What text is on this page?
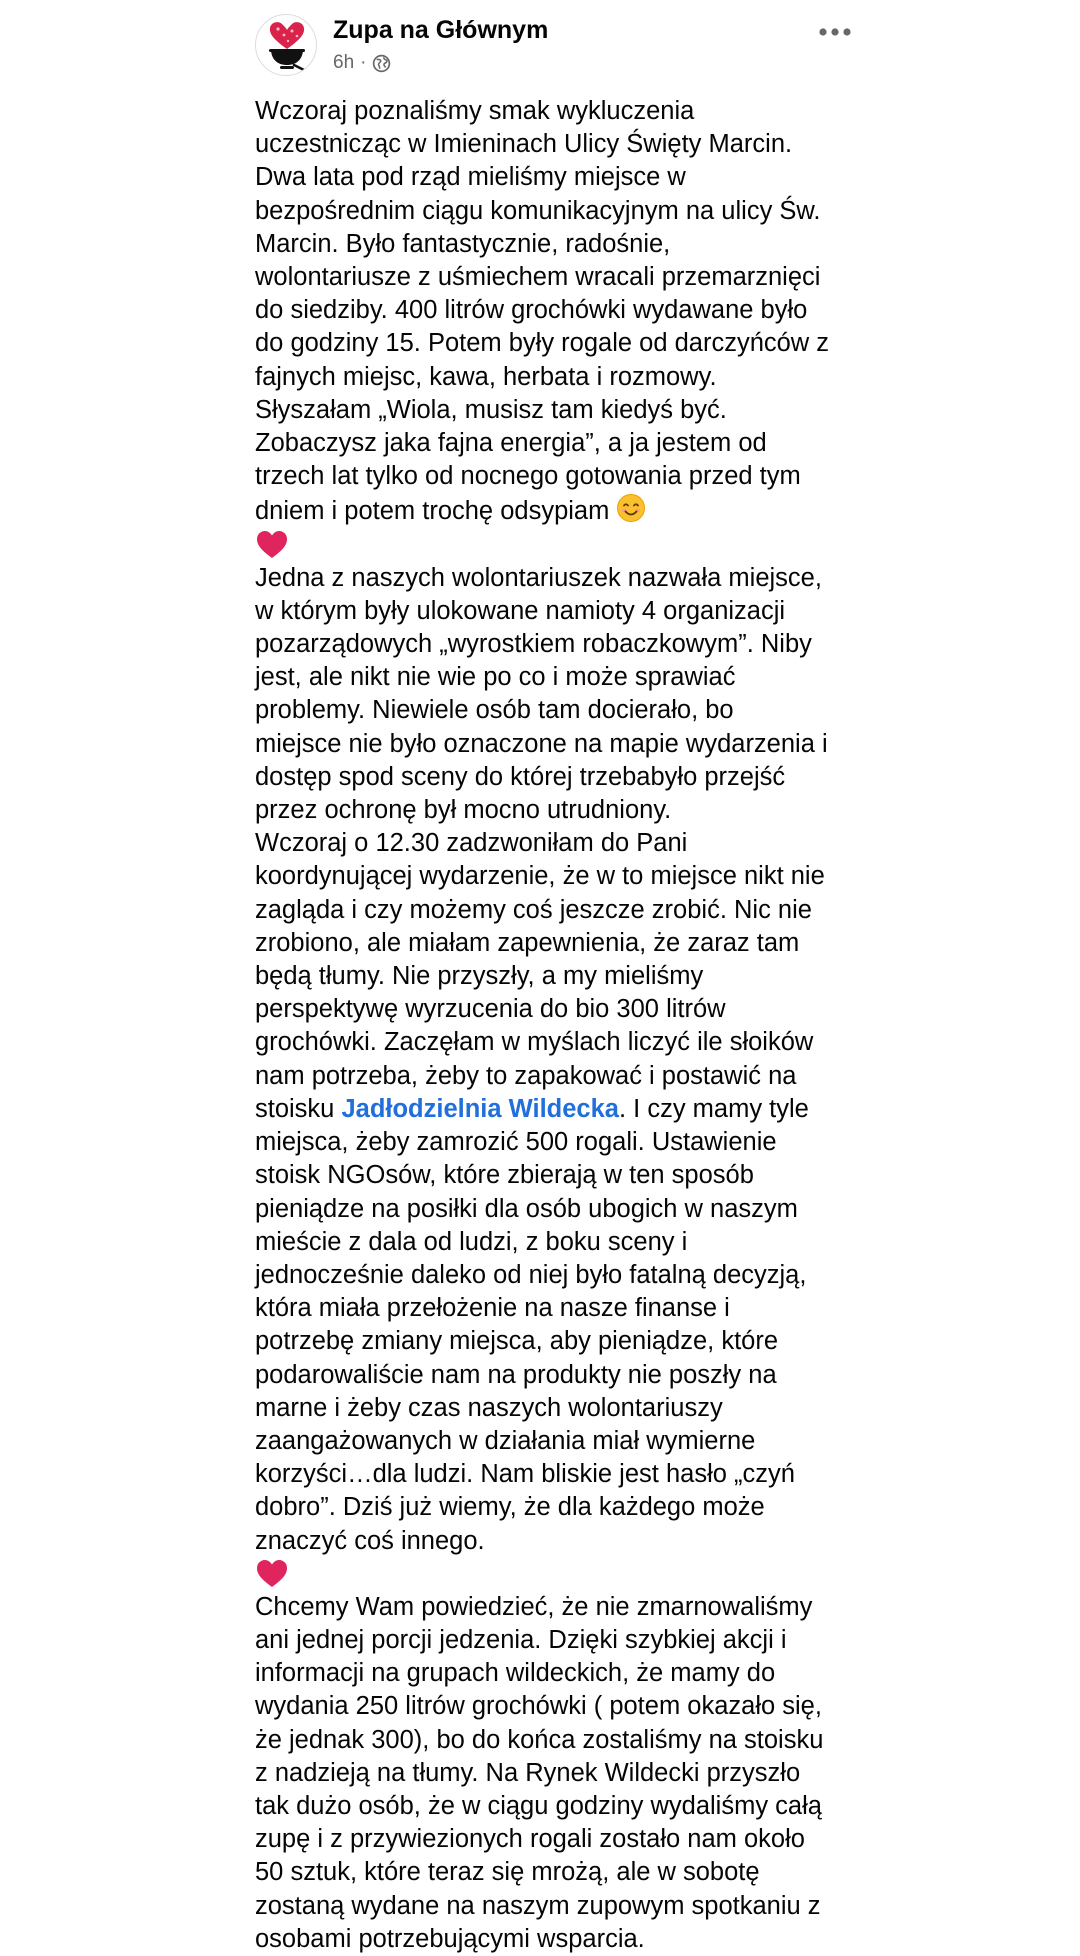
Zupa na Głównym
6h ·

Wczoraj poznaliśmy smak wykluczenia
uczestnicząc w Imieninach Ulicy Święty Marcin.
Dwa lata pod rząd mieliśmy miejsce w
bezpośrednim ciągu komunikacyjnym na ulicy Św.
Marcin. Było fantastycznie, radośnie,
wolontariusze z uśmiechem wracali przemarznięci
do siedziby. 400 litrów grochówki wydawane było
do godziny 15. Potem były rogale od darczyńców z
fajnych miejsc, kawa, herbata i rozmowy.
Słyszałam „Wiola, musisz tam kiedyś być.
Zobaczysz jaka fajna energia”, a ja jestem od
trzech lat tylko od nocnego gotowania przed tym
dniem i potem trochę odsypiam

Jedna z naszych wolontariuszek nazwała miejsce,
w którym były ulokowane namioty 4 organizacji
pozarządowych „wyrostkiem robaczkowym”. Niby
jest, ale nikt nie wie po co i może sprawiać
problemy. Niewiele osób tam docierało, bo
miejsce nie było oznaczone na mapie wydarzenia i
dostęp spod sceny do której trzebabyło przejść
przez ochronę był mocno utrudniony.
Wczoraj o 12.30 zadzwoniłam do Pani
koordynującej wydarzenie, że w to miejsce nikt nie
zagląda i czy możemy coś jeszcze zrobić. Nic nie
zrobiono, ale miałam zapewnienia, że zaraz tam
będą tłumy. Nie przyszły, a my mieliśmy
perspektywę wyrzucenia do bio 300 litrów
grochówki. Zaczęłam w myślach liczyć ile słoików
nam potrzeba, żeby to zapakować i postawić na
stoisku Jadłodzielnia Wildecka. I czy mamy tyle
miejsca, żeby zamrozić 500 rogali. Ustawienie
stoisk NGOsów, które zbierają w ten sposób
pieniądze na posiłki dla osób ubogich w naszym
mieście z dala od ludzi, z boku sceny i
jednocześnie daleko od niej było fatalną decyzją,
która miała przełożenie na nasze finanse i
potrzebę zmiany miejsca, aby pieniądze, które
podarowaliście nam na produkty nie poszły na
marne i żeby czas naszych wolontariuszy
zaangażowanych w działania miał wymierne
korzyści…dla ludzi. Nam bliskie jest hasło „czyń
dobro”. Dziś już wiemy, że dla każdego może
znaczyć coś innego.

Chcemy Wam powiedzieć, że nie zmarnowaliśmy
ani jednej porcji jedzenia. Dzięki szybkiej akcji i
informacji na grupach wildeckich, że mamy do
wydania 250 litrów grochówki ( potem okazało się,
że jednak 300), bo do końca zostaliśmy na stoisku
z nadzieją na tłumy. Na Rynek Wildecki przyszło
tak dużo osób, że w ciągu godziny wydaliśmy całą
zupę i z przywiezionych rogali zostało nam około
50 sztuk, które teraz się mrożą, ale w sobotę
zostaną wydane na naszym zupowym spotkaniu z
osobami potrzebującymi wsparcia.
